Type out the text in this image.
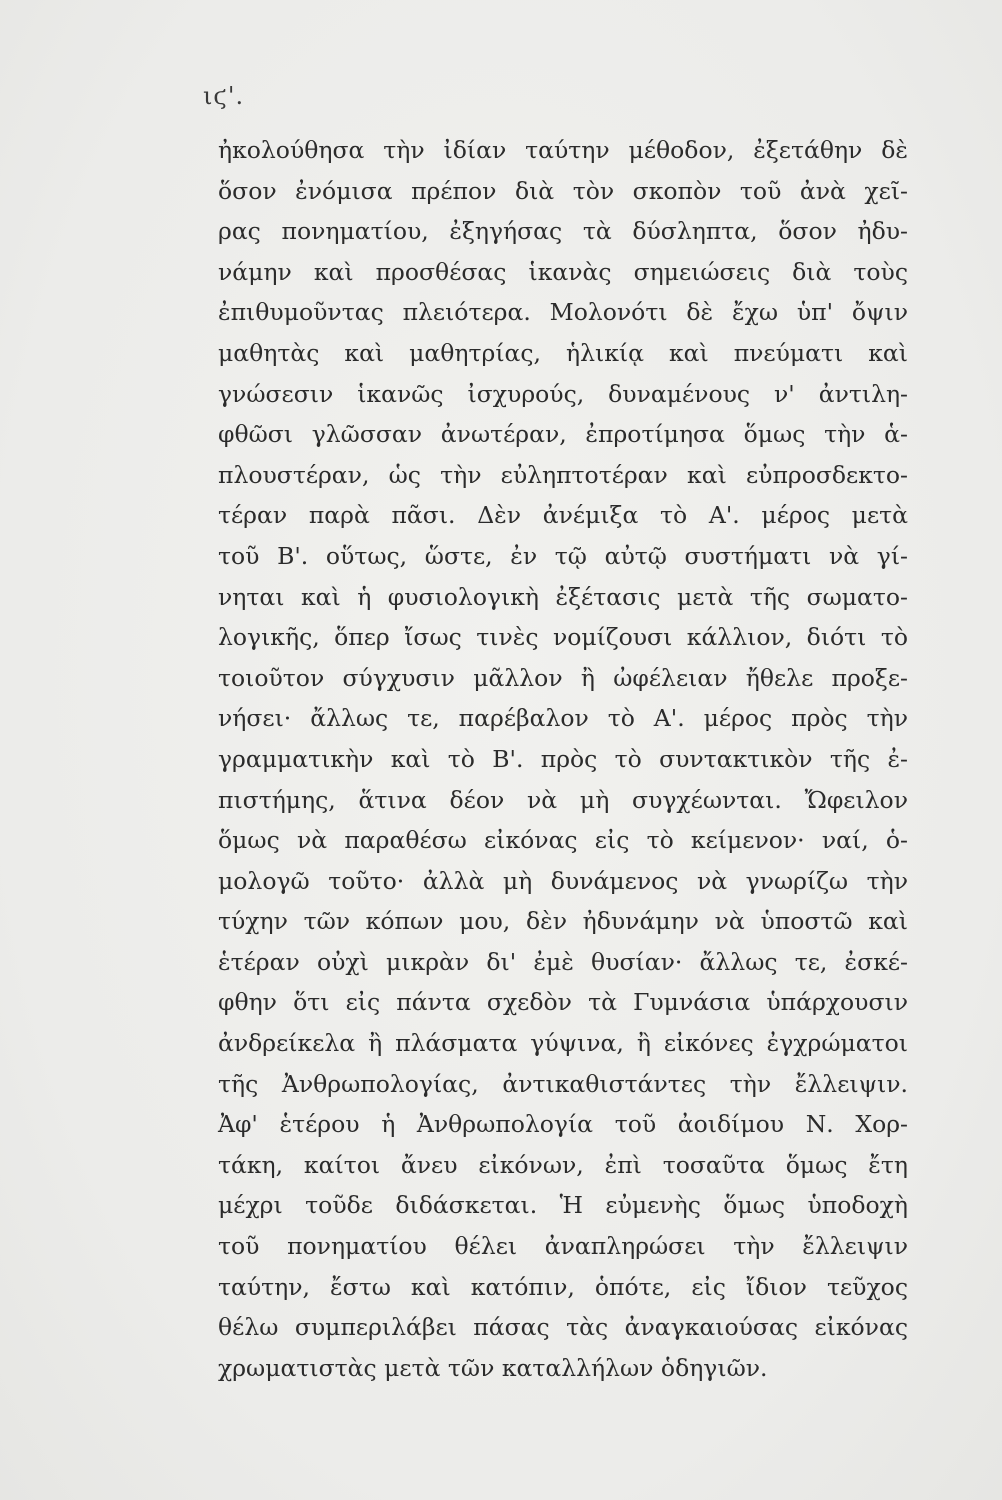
ιϛ'.
ἠκολούθησα τὴν ἰδίαν ταύτην μέθοδον, ἐξετάθην δὲ
ὅσον ἐνόμισα πρέπον διὰ τὸν σκοπὸν τοῦ ἀνὰ χεῖ-
ρας πονηματίου, ἐξηγήσας τὰ δύσληπτα, ὅσον ἠδυ-
νάμην καὶ προσθέσας ἱκανὰς σημειώσεις διὰ τοὺς
ἐπιθυμοῦντας πλειότερα. Μολονότι δὲ ἔχω ὑπ' ὄψιν
μαθητὰς καὶ μαθητρίας, ἡλικίᾳ καὶ πνεύματι καὶ
γνώσεσιν ἱκανῶς ἰσχυρούς, δυναμένους ν' ἀντιλη-
φθῶσι γλῶσσαν ἀνωτέραν, ἐπροτίμησα ὅμως τὴν ἁ-
πλουστέραν, ὡς τὴν εὐληπτοτέραν καὶ εὐπροσδεκτο-
τέραν παρὰ πᾶσι. Δὲν ἀνέμιξα τὸ Α'. μέρος μετὰ
τοῦ Β'. οὕτως, ὥστε, ἐν τῷ αὐτῷ συστήματι νὰ γί-
νηται καὶ ἡ φυσιολογικὴ ἐξέτασις μετὰ τῆς σωματο-
λογικῆς, ὅπερ ἴσως τινὲς νομίζουσι κάλλιον, διότι τὸ
τοιοῦτον σύγχυσιν μᾶλλον ἢ ὠφέλειαν ἤθελε προξε-
νήσει· ἄλλως τε, παρέβαλον τὸ Α'. μέρος πρὸς τὴν
γραμματικὴν καὶ τὸ Β'. πρὸς τὸ συντακτικὸν τῆς ἐ-
πιστήμης, ἅτινα δέον νὰ μὴ συγχέωνται. Ὤφειλον
ὅμως νὰ παραθέσω εἰκόνας εἰς τὸ κείμενον· ναί, ὁ-
μολογῶ τοῦτο· ἀλλὰ μὴ δυνάμενος νὰ γνωρίζω τὴν
τύχην τῶν κόπων μου, δὲν ἠδυνάμην νὰ ὑποστῶ καὶ
ἑτέραν οὐχὶ μικρὰν δι' ἐμὲ θυσίαν· ἄλλως τε, ἐσκέ-
φθην ὅτι εἰς πάντα σχεδὸν τὰ Γυμνάσια ὑπάρχουσιν
ἀνδρείκελα ἢ πλάσματα γύψινα, ἢ εἰκόνες ἐγχρώματοι
τῆς Ἀνθρωπολογίας, ἀντικαθιστάντες τὴν ἔλλειψιν.
Ἀφ' ἑτέρου ἡ Ἀνθρωπολογία τοῦ ἀοιδίμου Ν. Χορ-
τάκη, καίτοι ἄνευ εἰκόνων, ἐπὶ τοσαῦτα ὅμως ἔτη
μέχρι τοῦδε διδάσκεται. Ἡ εὐμενὴς ὅμως ὑποδοχὴ
τοῦ πονηματίου θέλει ἀναπληρώσει τὴν ἔλλειψιν
ταύτην, ἔστω καὶ κατόπιν, ὁπότε, εἰς ἴδιον τεῦχος
θέλω συμπεριλάβει πάσας τὰς ἀναγκαιούσας εἰκόνας
χρωματιστὰς μετὰ τῶν καταλλήλων ὁδηγιῶν.
